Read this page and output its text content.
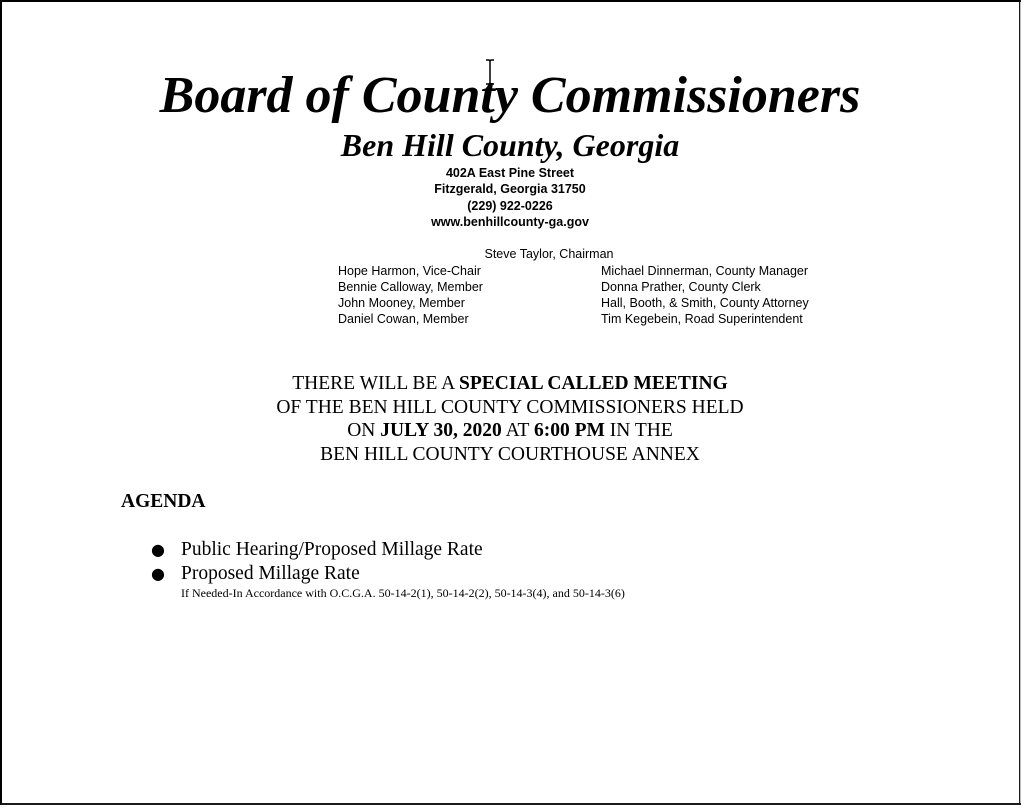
Board of County Commissioners
Ben Hill County, Georgia
402A East Pine Street
Fitzgerald, Georgia 31750
(229) 922-0226
www.benhillcounty-ga.gov
Steve Taylor, Chairman
Hope Harmon, Vice-Chair
Bennie Calloway, Member
John Mooney, Member
Daniel Cowan, Member
Michael Dinnerman, County Manager
Donna Prather, County Clerk
Hall, Booth, & Smith, County Attorney
Tim Kegebein, Road Superintendent
THERE WILL BE A SPECIAL CALLED MEETING
OF THE BEN HILL COUNTY COMMISSIONERS HELD
ON JULY 30, 2020 AT 6:00 PM IN THE
BEN HILL COUNTY COURTHOUSE ANNEX
AGENDA
● Public Hearing/Proposed Millage Rate
● Proposed Millage Rate
If Needed-In Accordance with O.C.G.A. 50-14-2(1), 50-14-2(2), 50-14-3(4), and 50-14-3(6)
